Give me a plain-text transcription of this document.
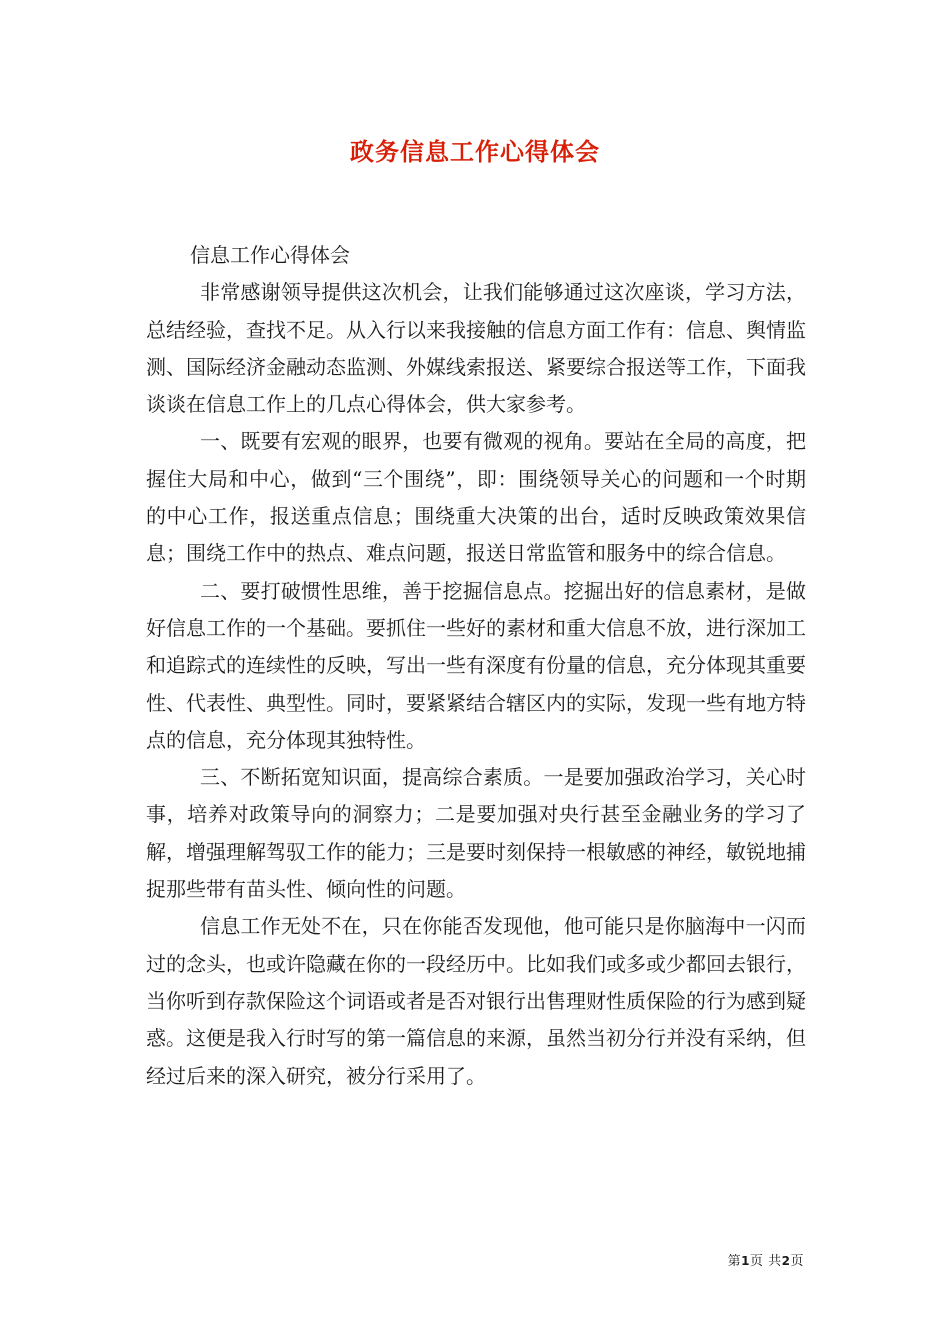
政务信息工作心得体会

信息工作心得体会

非常感谢领导提供这次机会，让我们能够通过这次座谈，学习方法，总结经验，查找不足。从入行以来我接触的信息方面工作有：信息、舆情监测、国际经济金融动态监测、外媒线索报送、紧要综合报送等工作，下面我谈谈在信息工作上的几点心得体会，供大家参考。

一、既要有宏观的眼界，也要有微观的视角。要站在全局的高度，把握住大局和中心，做到“三个围绕”，即：围绕领导关心的问题和一个时期的中心工作，报送重点信息；围绕重大决策的出台，适时反映政策效果信息；围绕工作中的热点、难点问题，报送日常监管和服务中的综合信息。

二、要打破惯性思维，善于挖掘信息点。挖掘出好的信息素材，是做好信息工作的一个基础。要抓住一些好的素材和重大信息不放，进行深加工和追踪式的连续性的反映，写出一些有深度有份量的信息，充分体现其重要性、代表性、典型性。同时，要紧紧结合辖区内的实际，发现一些有地方特点的信息，充分体现其独特性。

三、不断拓宽知识面，提高综合素质。一是要加强政治学习，关心时事，培养对政策导向的洞察力；二是要加强对央行甚至金融业务的学习了解，增强理解驾驭工作的能力；三是要时刻保持一根敏感的神经，敏锐地捕捉那些带有苗头性、倾向性的问题。

信息工作无处不在，只在你能否发现他，他可能只是你脑海中一闪而过的念头，也或许隐藏在你的一段经历中。比如我们或多或少都回去银行，当你听到存款保险这个词语或者是否对银行出售理财性质保险的行为感到疑惑。这便是我入行时写的第一篇信息的来源，虽然当初分行并没有采纳，但经过后来的深入研究，被分行采用了。

第1页 共2页
